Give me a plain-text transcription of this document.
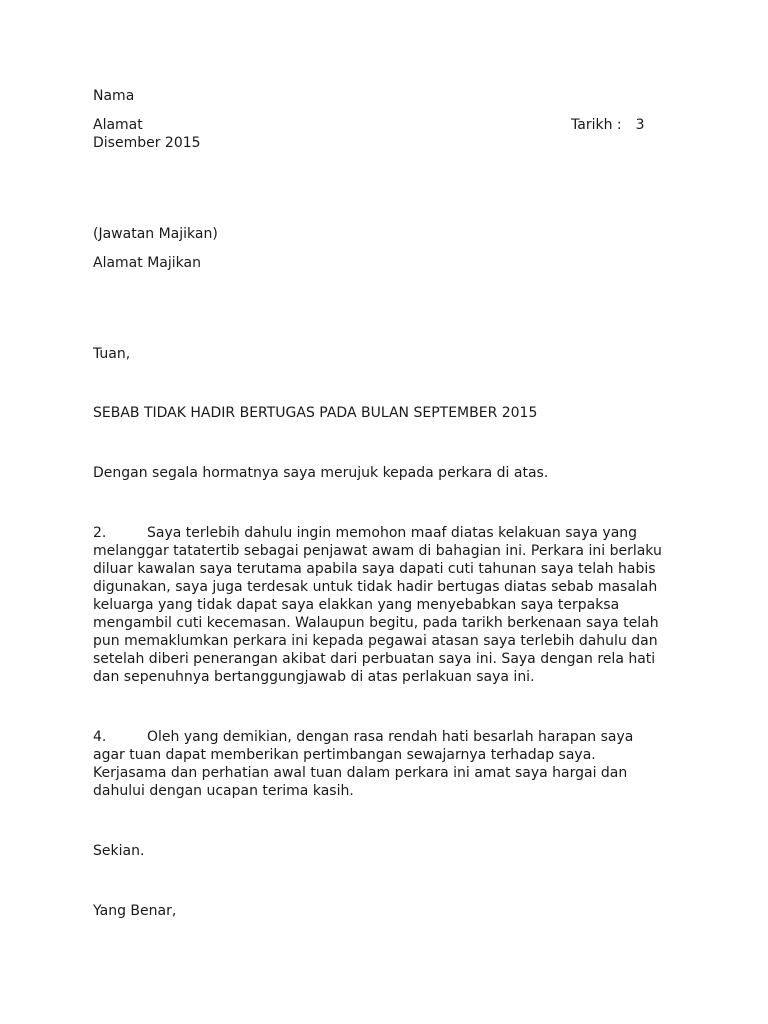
Nama
Alamat	Tarikh : 3
Disember 2015
(Jawatan Majikan)
Alamat Majikan
Tuan,
SEBAB TIDAK HADIR BERTUGAS PADA BULAN SEPTEMBER 2015
Dengan segala hormatnya saya merujuk kepada perkara di atas.
2.	Saya terlebih dahulu ingin memohon maaf diatas kelakuan saya yang
melanggar tatatertib sebagai penjawat awam di bahagian ini. Perkara ini berlaku
diluar kawalan saya terutama apabila saya dapati cuti tahunan saya telah habis
digunakan, saya juga terdesak untuk tidak hadir bertugas diatas sebab masalah
keluarga yang tidak dapat saya elakkan yang menyebabkan saya terpaksa
mengambil cuti kecemasan. Walaupun begitu, pada tarikh berkenaan saya telah
pun memaklumkan perkara ini kepada pegawai atasan saya terlebih dahulu dan
setelah diberi penerangan akibat dari perbuatan saya ini. Saya dengan rela hati
dan sepenuhnya bertanggungjawab di atas perlakuan saya ini.
4.	Oleh yang demikian, dengan rasa rendah hati besarlah harapan saya
agar tuan dapat memberikan pertimbangan sewajarnya terhadap saya.
Kerjasama dan perhatian awal tuan dalam perkara ini amat saya hargai dan
dahului dengan ucapan terima kasih.
Sekian.
Yang Benar,
